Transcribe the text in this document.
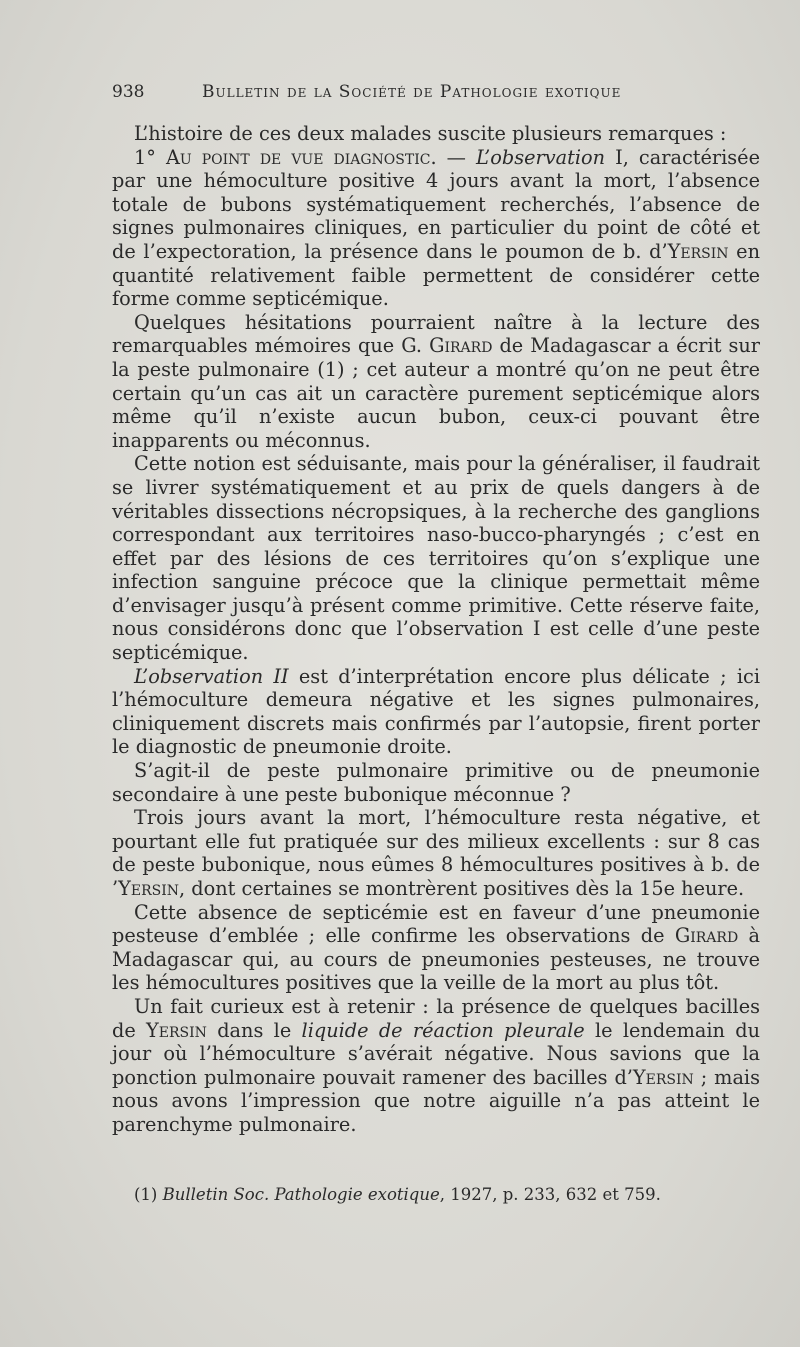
938	Bulletin de la Société de Pathologie exotique

L’histoire de ces deux malades suscite plusieurs remarques :

1° Au point de vue diagnostic. — L’observation I, caractérisée par une hémoculture positive 4 jours avant la mort, l’absence totale de bubons systématiquement recherchés, l’absence de signes pulmonaires cliniques, en particulier du point de côté et de l’expectoration, la présence dans le poumon de b. d’Yersin en quantité relativement faible permettent de considérer cette forme comme septicémique.

Quelques hésitations pourraient naître à la lecture des remarquables mémoires que G. Girard de Madagascar a écrit sur la peste pulmonaire (1) ; cet auteur a montré qu’on ne peut être certain qu’un cas ait un caractère purement septicémique alors même qu’il n’existe aucun bubon, ceux-ci pouvant être inapparents ou méconnus.

Cette notion est séduisante, mais pour la généraliser, il faudrait se livrer systématiquement et au prix de quels dangers à de véritables dissections nécropsiques, à la recherche des ganglions correspondant aux territoires naso-bucco-pharyngés ; c’est en effet par des lésions de ces territoires qu’on s’explique une infection sanguine précoce que la clinique permettait même d’envisager jusqu’à présent comme primitive. Cette réserve faite, nous considérons donc que l’observation I est celle d’une peste septicémique.

L’observation II est d’interprétation encore plus délicate ; ici l’hémoculture demeura négative et les signes pulmonaires, cliniquement discrets mais confirmés par l’autopsie, firent porter le diagnostic de pneumonie droite.

S’agit-il de peste pulmonaire primitive ou de pneumonie secondaire à une peste bubonique méconnue ?

Trois jours avant la mort, l’hémoculture resta négative, et pourtant elle fut pratiquée sur des milieux excellents : sur 8 cas de peste bubonique, nous eûmes 8 hémocultures positives à b. de ’Yersin, dont certaines se montrèrent positives dès la 15e heure.

Cette absence de septicémie est en faveur d’une pneumonie pesteuse d’emblée ; elle confirme les observations de Girard à Madagascar qui, au cours de pneumonies pesteuses, ne trouve les hémocultures positives que la veille de la mort au plus tôt.

Un fait curieux est à retenir : la présence de quelques bacilles de Yersin dans le liquide de réaction pleurale le lendemain du jour où l’hémoculture s’avérait négative. Nous savions que la ponction pulmonaire pouvait ramener des bacilles d’Yersin ; mais nous avons l’impression que notre aiguille n’a pas atteint le parenchyme pulmonaire.

(1) Bulletin Soc. Pathologie exotique, 1927, p. 233, 632 et 759.
